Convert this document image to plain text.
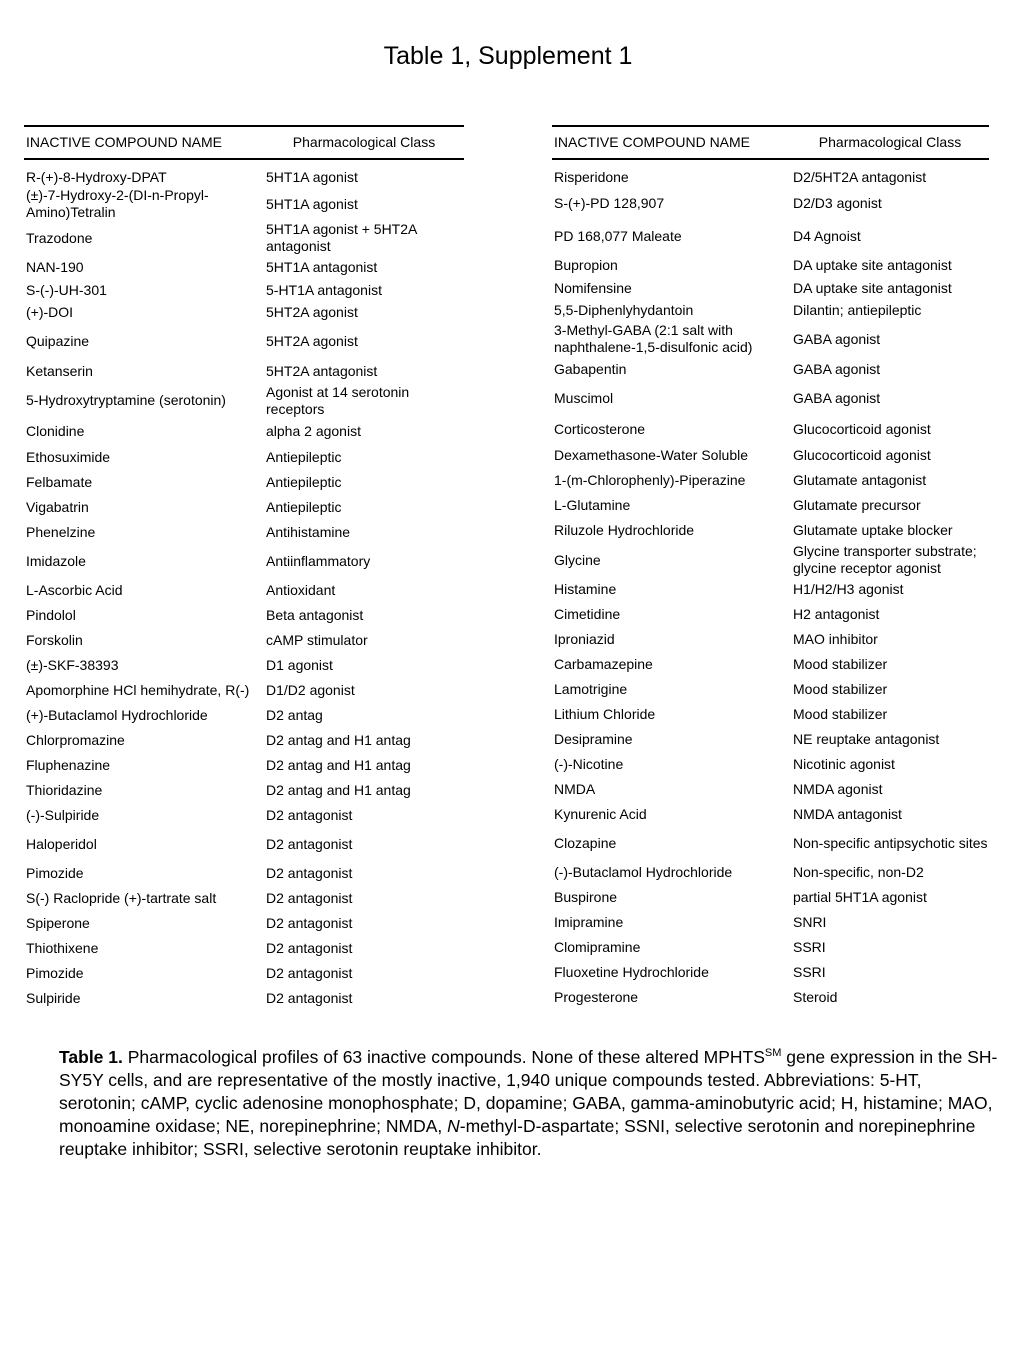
Table 1, Supplement 1
INACTIVE COMPOUND NAME	Pharmacological Class
R-(+)-8-Hydroxy-DPAT	5HT1A agonist
(±)-7-Hydroxy-2-(DI-n-Propyl-Amino)Tetralin	5HT1A agonist
Trazodone	5HT1A agonist + 5HT2A antagonist
NAN-190	5HT1A antagonist
S-(-)-UH-301	5-HT1A antagonist
(+)-DOI	5HT2A agonist
Quipazine	5HT2A agonist
Ketanserin	5HT2A antagonist
5-Hydroxytryptamine (serotonin)	Agonist at 14 serotonin receptors
Clonidine	alpha 2 agonist
Ethosuximide	Antiepileptic
Felbamate	Antiepileptic
Vigabatrin	Antiepileptic
Phenelzine	Antihistamine
Imidazole	Antiinflammatory
L-Ascorbic Acid	Antioxidant
Pindolol	Beta antagonist
Forskolin	cAMP stimulator
(±)-SKF-38393	D1 agonist
Apomorphine HCl hemihydrate, R(-)	D1/D2 agonist
(+)-Butaclamol Hydrochloride	D2 antag
Chlorpromazine	D2 antag and H1 antag
Fluphenazine	D2 antag and H1 antag
Thioridazine	D2 antag and H1 antag
(-)-Sulpiride	D2 antagonist
Haloperidol	D2 antagonist
Pimozide	D2 antagonist
S(-) Raclopride (+)-tartrate salt	D2 antagonist
Spiperone	D2 antagonist
Thiothixene	D2 antagonist
Pimozide	D2 antagonist
Sulpiride	D2 antagonist
INACTIVE COMPOUND NAME	Pharmacological Class
Risperidone	D2/5HT2A antagonist
S-(+)-PD 128,907	D2/D3 agonist
PD 168,077 Maleate	D4 Agnoist
Bupropion	DA uptake site antagonist
Nomifensine	DA uptake site antagonist
5,5-Diphenlyhydantoin	Dilantin; antiepileptic
3-Methyl-GABA (2:1 salt with naphthalene-1,5-disulfonic acid)	GABA agonist
Gabapentin	GABA agonist
Muscimol	GABA agonist
Corticosterone	Glucocorticoid agonist
Dexamethasone-Water Soluble	Glucocorticoid agonist
1-(m-Chlorophenly)-Piperazine	Glutamate antagonist
L-Glutamine	Glutamate precursor
Riluzole Hydrochloride	Glutamate uptake blocker
Glycine	Glycine transporter substrate; glycine receptor agonist
Histamine	H1/H2/H3 agonist
Cimetidine	H2 antagonist
Iproniazid	MAO inhibitor
Carbamazepine	Mood stabilizer
Lamotrigine	Mood stabilizer
Lithium Chloride	Mood stabilizer
Desipramine	NE reuptake antagonist
(-)-Nicotine	Nicotinic agonist
NMDA	NMDA agonist
Kynurenic Acid	NMDA antagonist
Clozapine	Non-specific antipsychotic sites
(-)-Butaclamol Hydrochloride	Non-specific, non-D2
Buspirone	partial 5HT1A agonist
Imipramine	SNRI
Clomipramine	SSRI
Fluoxetine Hydrochloride	SSRI
Progesterone	Steroid
Table 1. Pharmacological profiles of 63 inactive compounds. None of these altered MPHTS℠ gene expression in the SH-SY5Y cells, and are representative of the mostly inactive, 1,940 unique compounds tested. Abbreviations: 5-HT, serotonin; cAMP, cyclic adenosine monophosphate; D, dopamine; GABA, gamma-aminobutyric acid; H, histamine; MAO, monoamine oxidase; NE, norepinephrine; NMDA, N-methyl-D-aspartate; SSNI, selective serotonin and norepinephrine reuptake inhibitor; SSRI, selective serotonin reuptake inhibitor.
